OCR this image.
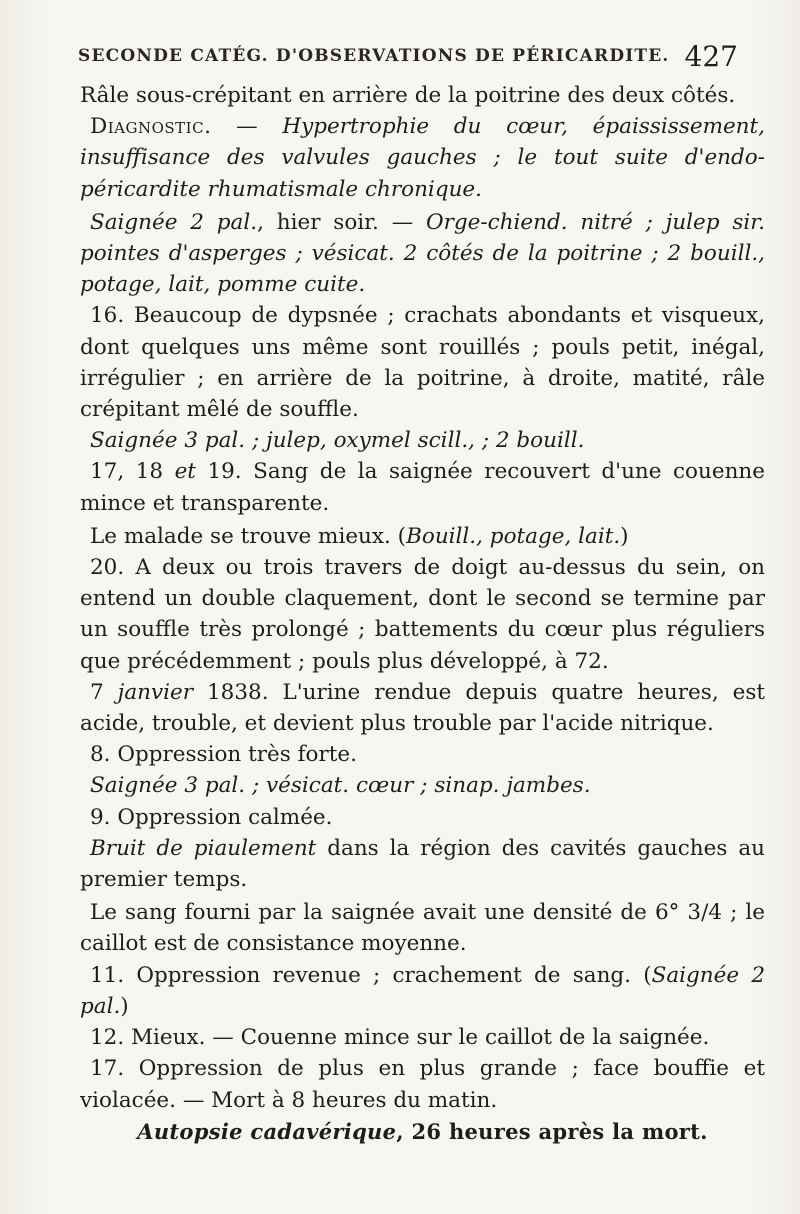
SECONDE CATÉG. D'OBSERVATIONS DE PÉRICARDITE. 427

Râle sous-crépitant en arrière de la poitrine des deux côtés.

Diagnostic. — Hypertrophie du cœur, épaississement, insuffisance des valvules gauches ; le tout suite d'endo-péricardite rhumatismale chronique.

Saignée 2 pal., hier soir. — Orge-chiend. nitré ; julep sir. pointes d'asperges ; vésicat. 2 côtés de la poitrine ; 2 bouill., potage, lait, pomme cuite.

16. Beaucoup de dypsnée ; crachats abondants et visqueux, dont quelques uns même sont rouillés ; pouls petit, inégal, irrégulier ; en arrière de la poitrine, à droite, matité, râle crépitant mêlé de souffle.

Saignée 3 pal. ; julep, oxymel scill., ; 2 bouill.

17, 18 et 19. Sang de la saignée recouvert d'une couenne mince et transparente.

Le malade se trouve mieux. (Bouill., potage, lait.)

20. A deux ou trois travers de doigt au-dessus du sein, on entend un double claquement, dont le second se termine par un souffle très prolongé ; battements du cœur plus réguliers que précédemment ; pouls plus développé, à 72.

7 janvier 1838. L'urine rendue depuis quatre heures, est acide, trouble, et devient plus trouble par l'acide nitrique.

8. Oppression très forte.

Saignée 3 pal. ; vésicat. cœur ; sinap. jambes.

9. Oppression calmée.

Bruit de piaulement dans la région des cavités gauches au premier temps.

Le sang fourni par la saignée avait une densité de 6° 3/4 ; le caillot est de consistance moyenne.

11. Oppression revenue ; crachement de sang. (Saignée 2 pal.)

12. Mieux. — Couenne mince sur le caillot de la saignée.

17. Oppression de plus en plus grande ; face bouffie et violacée. — Mort à 8 heures du matin.

Autopsie cadavérique, 26 heures après la mort.
